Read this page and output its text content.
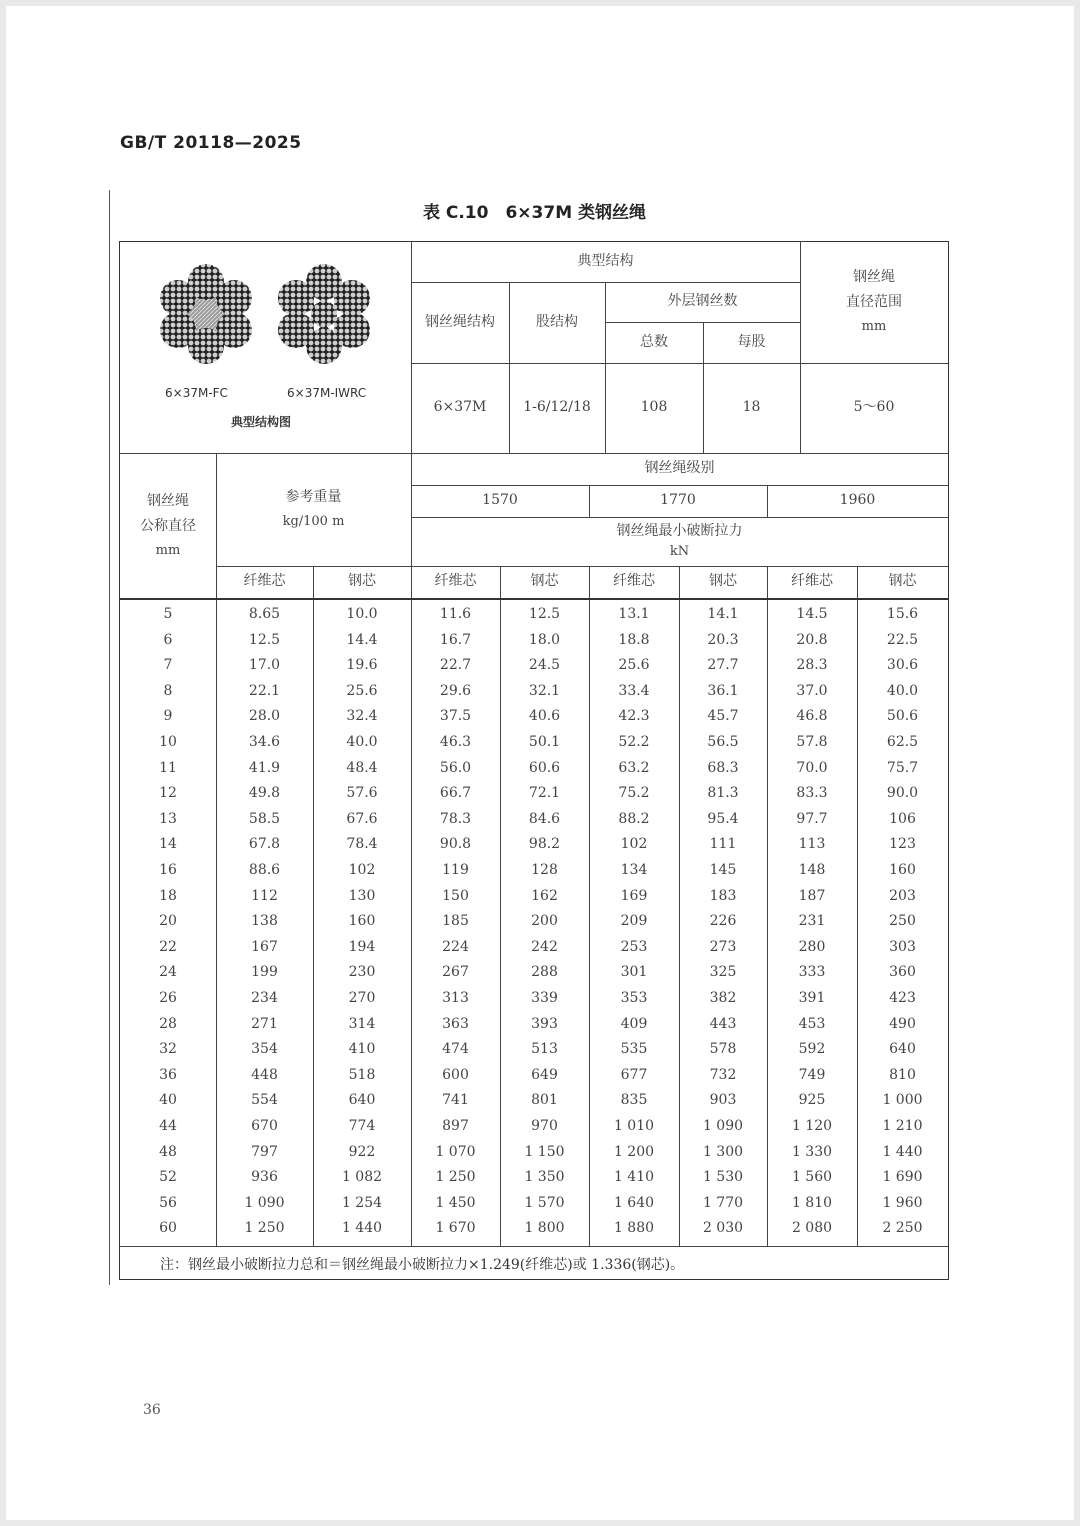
GB/T 20118—2025
表 C.10　6×37M 类钢丝绳
6×37M-FC	6×37M-IWRC
典型结构图
典型结构
钢丝绳结构	股结构
外层钢丝数
总数	每股
钢丝绳
直径范围
mm
6×37M	1-6/12/18	108	18	5～60
钢丝绳
公称直径
mm
参考重量
kg/100 m
钢丝绳级别
1570	1770	1960
钢丝绳最小破断拉力
kN
纤维芯	钢芯	纤维芯	钢芯	纤维芯	钢芯	纤维芯	钢芯
5	8.65	10.0	11.6	12.5	13.1	14.1	14.5	15.6
6	12.5	14.4	16.7	18.0	18.8	20.3	20.8	22.5
7	17.0	19.6	22.7	24.5	25.6	27.7	28.3	30.6
8	22.1	25.6	29.6	32.1	33.4	36.1	37.0	40.0
9	28.0	32.4	37.5	40.6	42.3	45.7	46.8	50.6
10	34.6	40.0	46.3	50.1	52.2	56.5	57.8	62.5
11	41.9	48.4	56.0	60.6	63.2	68.3	70.0	75.7
12	49.8	57.6	66.7	72.1	75.2	81.3	83.3	90.0
13	58.5	67.6	78.3	84.6	88.2	95.4	97.7	106
14	67.8	78.4	90.8	98.2	102	111	113	123
16	88.6	102	119	128	134	145	148	160
18	112	130	150	162	169	183	187	203
20	138	160	185	200	209	226	231	250
22	167	194	224	242	253	273	280	303
24	199	230	267	288	301	325	333	360
26	234	270	313	339	353	382	391	423
28	271	314	363	393	409	443	453	490
32	354	410	474	513	535	578	592	640
36	448	518	600	649	677	732	749	810
40	554	640	741	801	835	903	925	1 000
44	670	774	897	970	1 010	1 090	1 120	1 210
48	797	922	1 070	1 150	1 200	1 300	1 330	1 440
52	936	1 082	1 250	1 350	1 410	1 530	1 560	1 690
56	1 090	1 254	1 450	1 570	1 640	1 770	1 810	1 960
60	1 250	1 440	1 670	1 800	1 880	2 030	2 080	2 250
注：钢丝最小破断拉力总和＝钢丝绳最小破断拉力×1.249(纤维芯)或 1.336(钢芯)。
36
